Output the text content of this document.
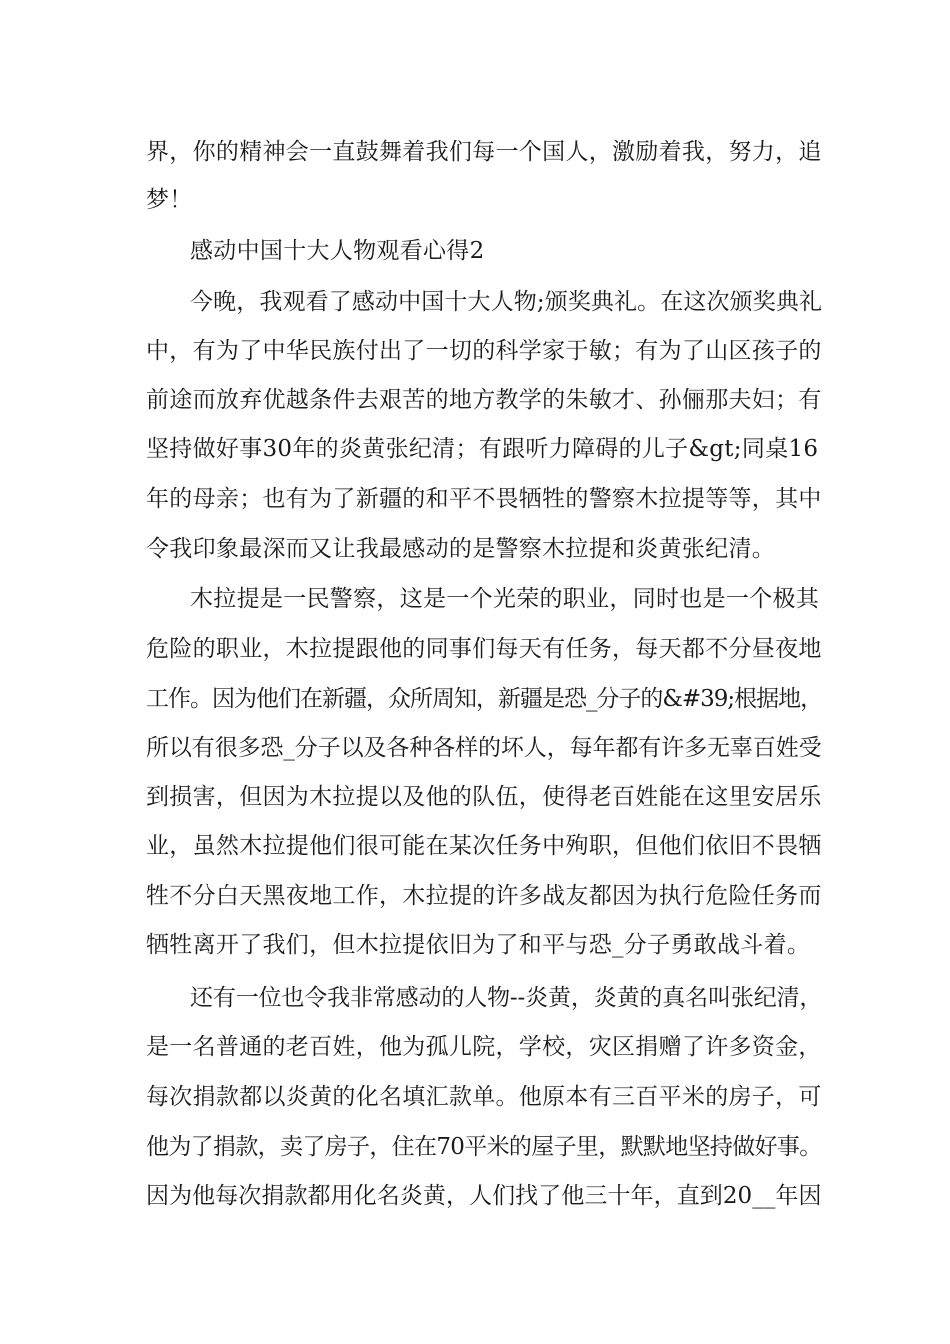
界，你的精神会一直鼓舞着我们每一个国人，激励着我，努力，追
梦！
感动中国十大人物观看心得2
今晚，我观看了感动中国十大人物;颁奖典礼。在这次颁奖典礼
中，有为了中华民族付出了一切的科学家于敏；有为了山区孩子的
前途而放弃优越条件去艰苦的地方教学的朱敏才、孙俪那夫妇；有
坚持做好事30年的炎黄张纪清；有跟听力障碍的儿子&gt;同桌16
年的母亲；也有为了新疆的和平不畏牺牲的警察木拉提等等，其中
令我印象最深而又让我最感动的是警察木拉提和炎黄张纪清。
木拉提是一民警察，这是一个光荣的职业，同时也是一个极其
危险的职业，木拉提跟他的同事们每天有任务，每天都不分昼夜地
工作。因为他们在新疆，众所周知，新疆是恐_分子的&#39;根据地，
所以有很多恐_分子以及各种各样的坏人，每年都有许多无辜百姓受
到损害，但因为木拉提以及他的队伍，使得老百姓能在这里安居乐
业，虽然木拉提他们很可能在某次任务中殉职，但他们依旧不畏牺
牲不分白天黑夜地工作，木拉提的许多战友都因为执行危险任务而
牺牲离开了我们，但木拉提依旧为了和平与恐_分子勇敢战斗着。
还有一位也令我非常感动的人物--炎黄，炎黄的真名叫张纪清，
是一名普通的老百姓，他为孤儿院，学校，灾区捐赠了许多资金，
每次捐款都以炎黄的化名填汇款单。他原本有三百平米的房子，可
他为了捐款，卖了房子，住在70平米的屋子里，默默地坚持做好事。
因为他每次捐款都用化名炎黄，人们找了他三十年，直到20__年因
